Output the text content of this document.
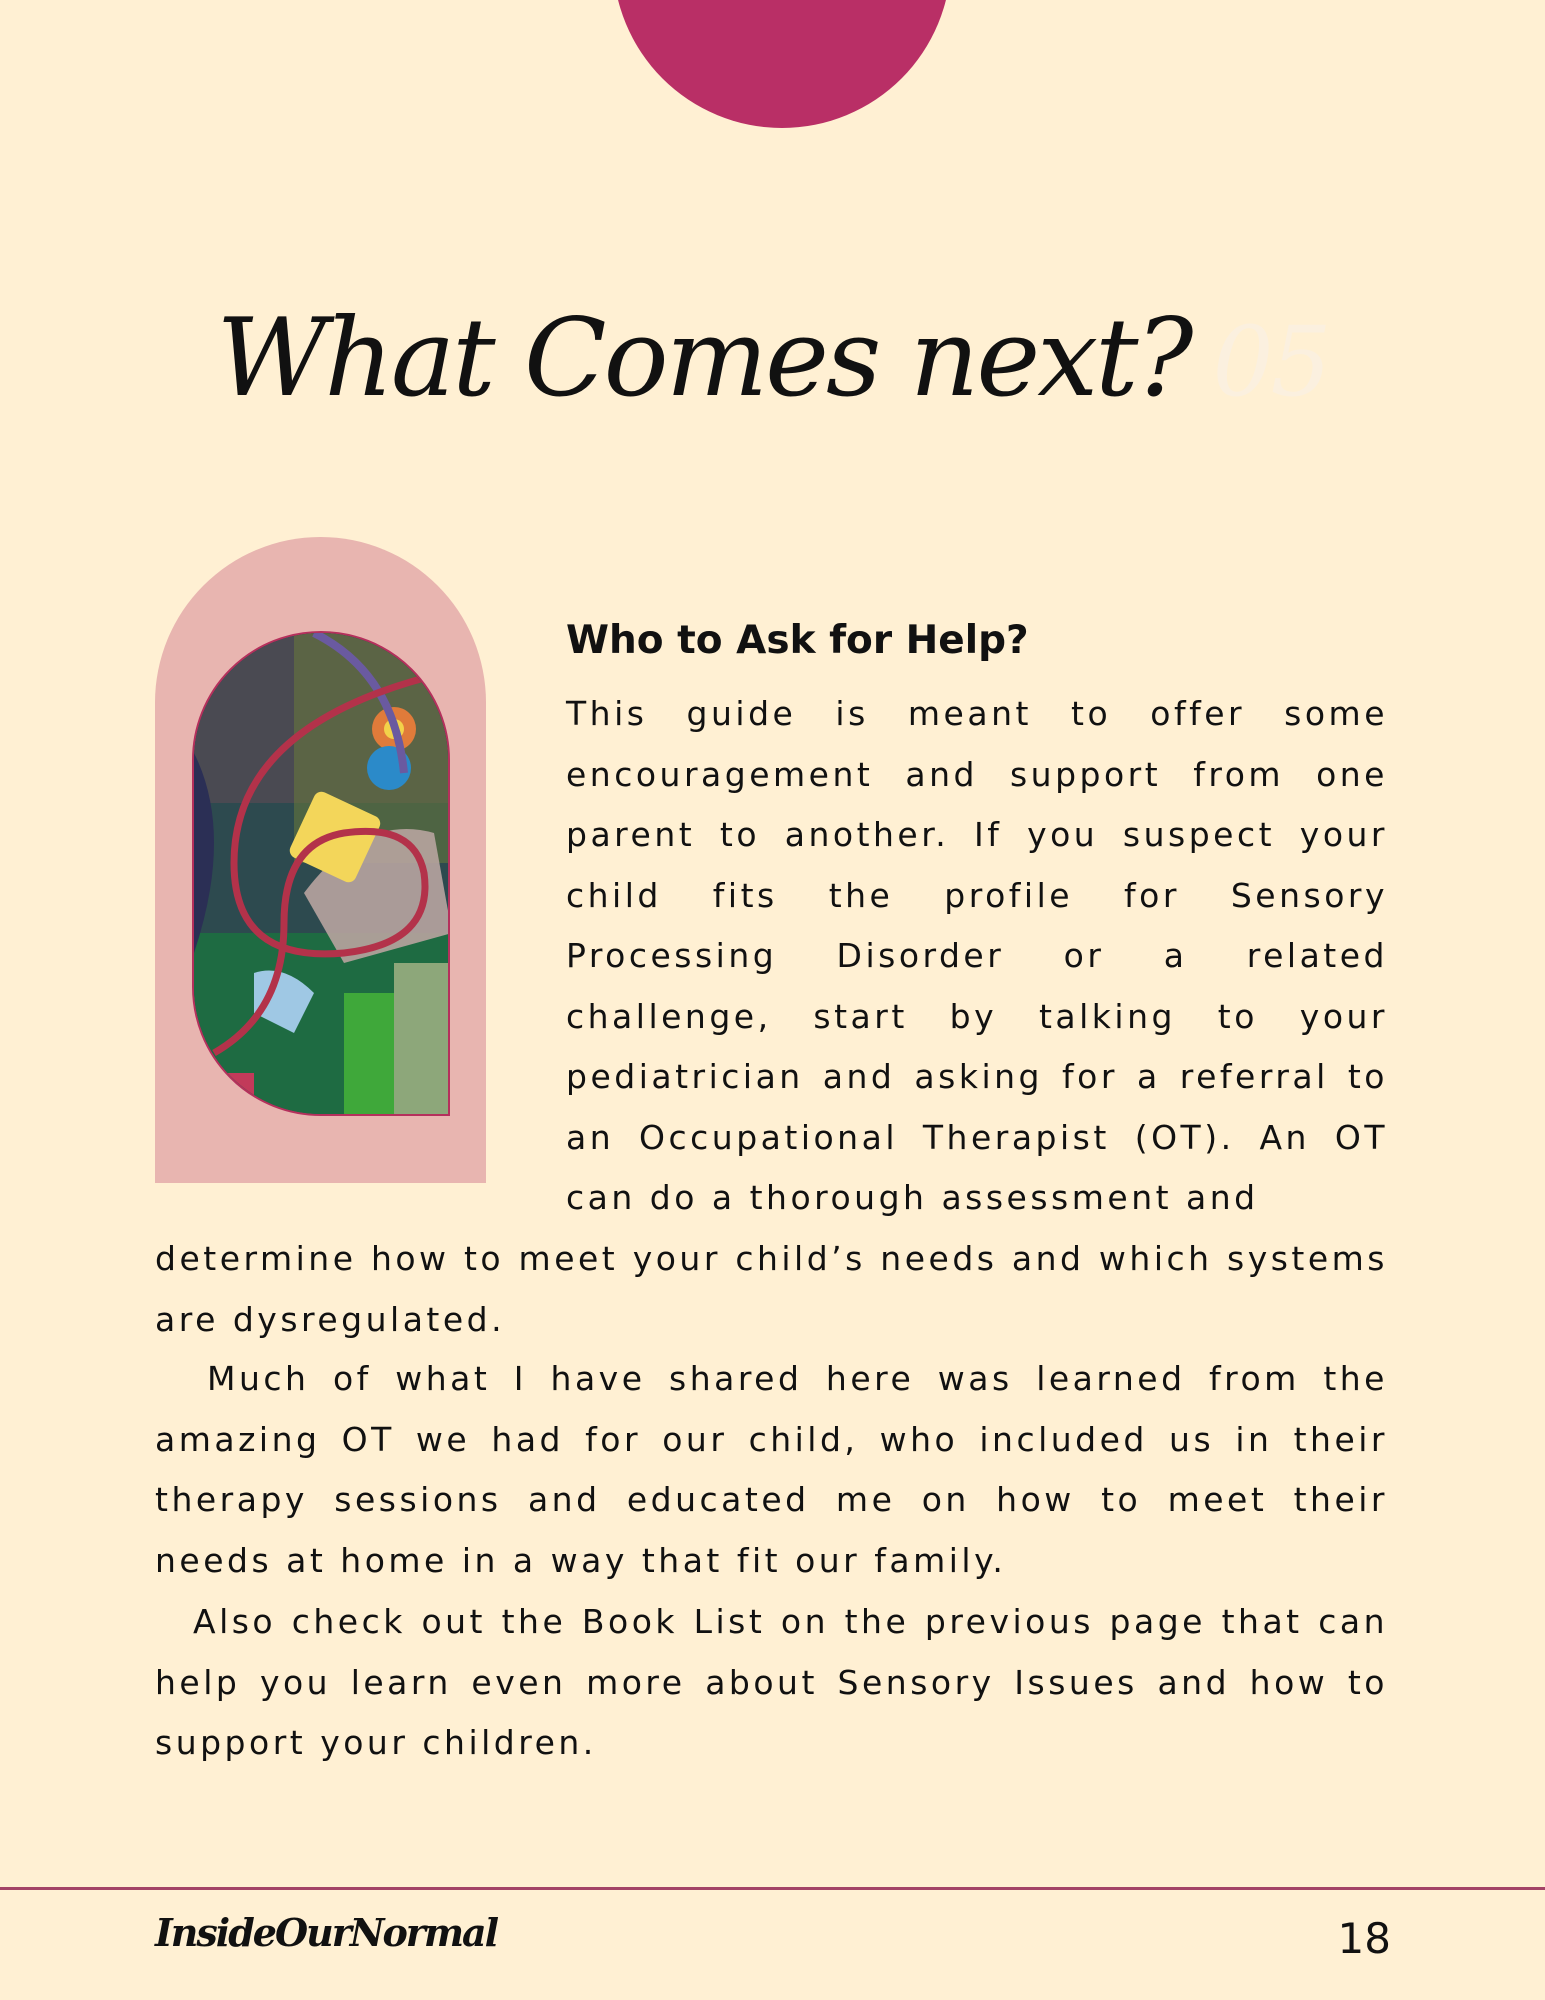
What Comes next? 05
Who to Ask for Help?

This guide is meant to offer some encouragement and support from one parent to another. If you suspect your child fits the profile for Sensory Processing Disorder or a related challenge, start by talking to your pediatrician and asking for a referral to an Occupational Therapist (OT). An OT can do a thorough assessment and

determine how to meet your child’s needs and which systems are dysregulated.

Much of what I have shared here was learned from the amazing OT we had for our child, who included us in their therapy sessions and educated me on how to meet their needs at home in a way that fit our family.

Also check out the Book List on the previous page that can help you learn even more about Sensory Issues and how to support your children.

InsideOurNormal	18
